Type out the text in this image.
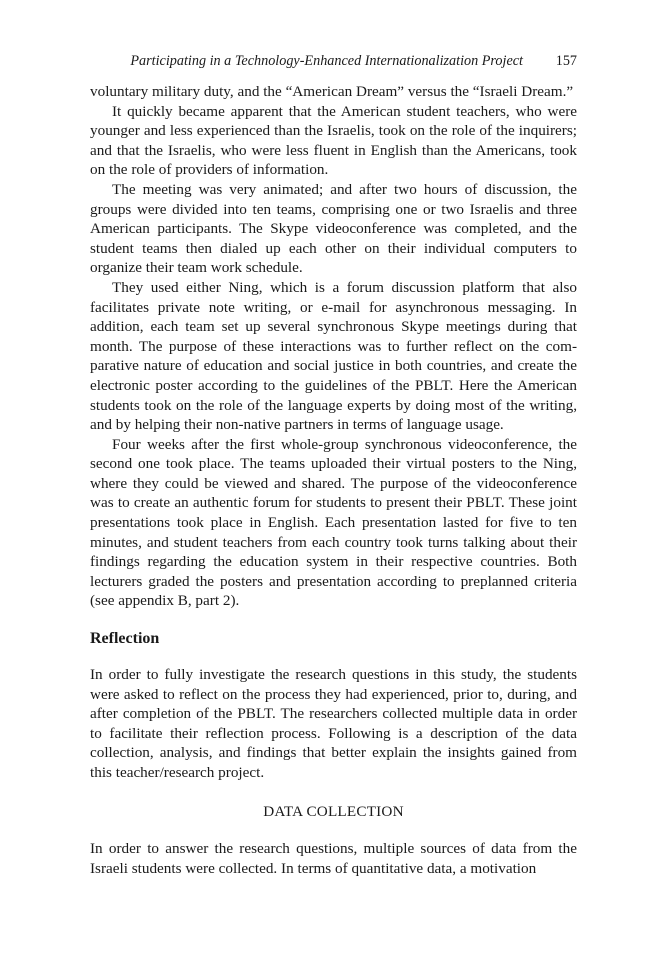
Participating in a Technology-Enhanced Internationalization Project 157

voluntary military duty, and the “American Dream” versus the “Israeli Dream.”

It quickly became apparent that the American student teachers, who were younger and less experienced than the Israelis, took on the role of the inquirers; and that the Israelis, who were less fluent in English than the Americans, took on the role of providers of information.

The meeting was very animated; and after two hours of discussion, the groups were divided into ten teams, comprising one or two Israelis and three American participants. The Skype videoconference was completed, and the student teams then dialed up each other on their individual computers to organize their team work schedule.

They used either Ning, which is a forum discussion platform that also facilitates private note writing, or e-mail for asynchronous messaging. In addition, each team set up several synchronous Skype meetings during that month. The purpose of these interactions was to further reflect on the comparative nature of education and social justice in both countries, and create the electronic poster according to the guidelines of the PBLT. Here the American students took on the role of the language experts by doing most of the writing, and by helping their non-native partners in terms of language usage.

Four weeks after the first whole-group synchronous videoconference, the second one took place. The teams uploaded their virtual posters to the Ning, where they could be viewed and shared. The purpose of the videoconference was to create an authentic forum for students to present their PBLT. These joint presentations took place in English. Each presentation lasted for five to ten minutes, and student teachers from each country took turns talking about their findings regarding the education system in their respective countries. Both lecturers graded the posters and presentation according to preplanned criteria (see appendix B, part 2).

Reflection

In order to fully investigate the research questions in this study, the students were asked to reflect on the process they had experienced, prior to, during, and after completion of the PBLT. The researchers collected multiple data in order to facilitate their reflection process. Following is a description of the data collection, analysis, and findings that better explain the insights gained from this teacher/research project.

DATA COLLECTION

In order to answer the research questions, multiple sources of data from the Israeli students were collected. In terms of quantitative data, a motivation
